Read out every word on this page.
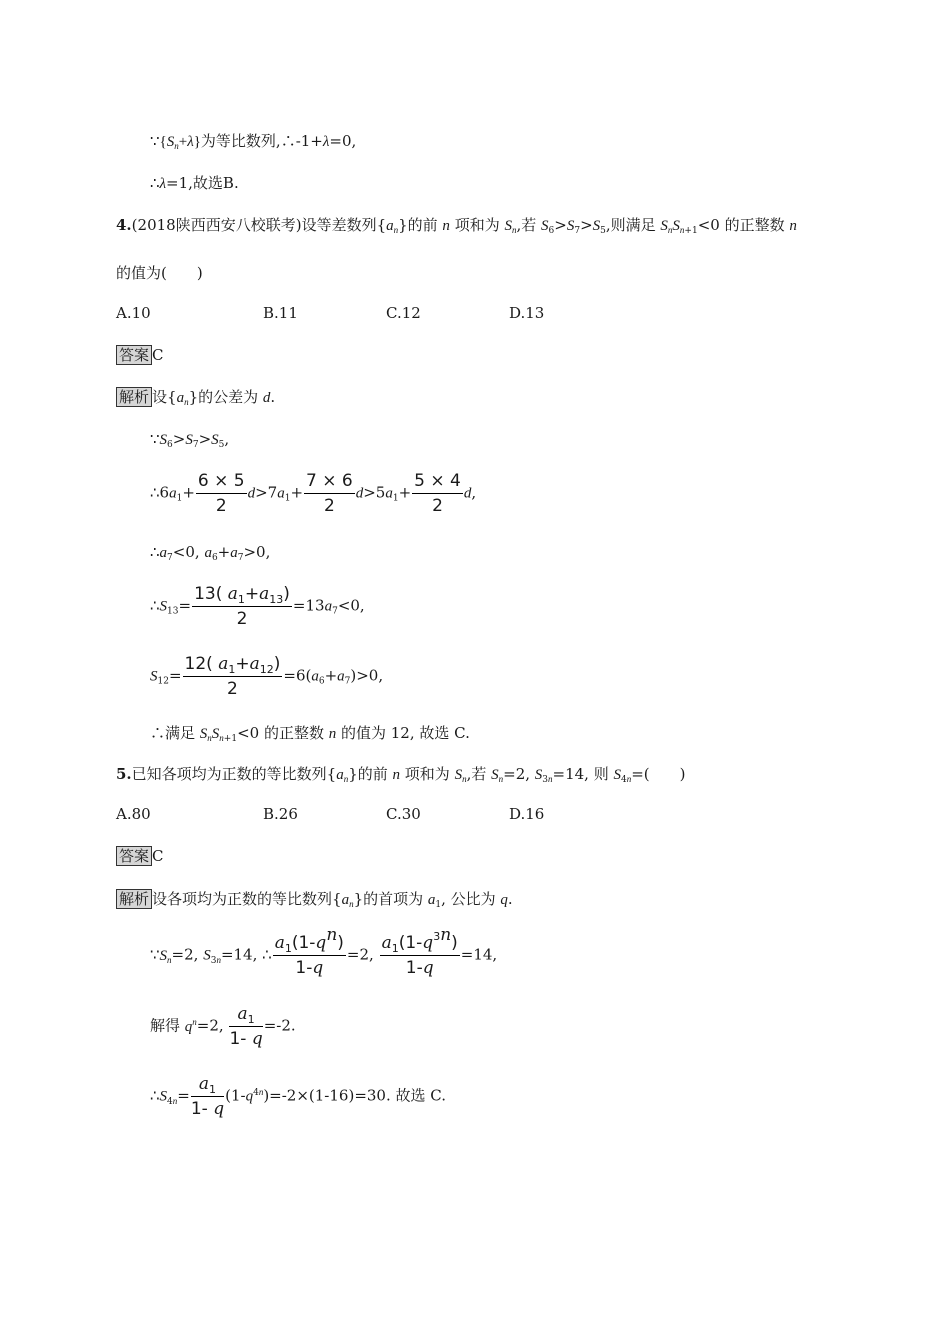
$\because\{S_n+\lambda\}$为等比数列,∴-1+λ=0,
∴λ=1,故选B.
4.(2018陕西西安八校联考)设等差数列$\{a_n\}$的前 n 项和为 $S_n$,若 $S_6>S_7>S_5$,则满足 $S_nS_{n+1}<0$ 的正整数 n
的值为(　　)
A.10	B.11	C.12	D.13
答案 C
解析 设$\{a_n\}$的公差为 d.
$\because S_6>S_7>S_5$,
$\therefore 6a_1+ \frac{6 \times 5}{2} d>7a_1+ \frac{7 \times 6}{2} d>5a_1+ \frac{5 \times 4}{2} d$,
$\therefore a_7<0$, $a_6+a_7>0$,
$\therefore S_{13}= \frac{13( a_1+a_{13})}{2} =13a_7<0$,
$S_{12}= \frac{12( a_1+a_{12})}{2} =6(a_6+a_7)>0$,
∴满足 $S_nS_{n+1}<0$ 的正整数 n 的值为 12, 故选 C.
5.已知各项均为正数的等比数列$\{a_n\}$的前 n 项和为 $S_n$,若 $S_n=2$, $S_{3n}=14$, 则 $S_{4n}=$(　　)
A.80	B.26	C.30	D.16
答案 C
解析 设各项均为正数的等比数列$\{a_n\}$的首项为 $a_1$, 公比为 q.
$\because S_n=2$, $S_{3n}=14$, ∴ $\frac{a_1(1-q^n)}{1-q} =2$, $\frac{a_1(1-q^{3n})}{1-q} =14$,
解得 $q^n=2$, $\frac{a_1}{1- q} =-2$.
$\therefore S_{4n}= \frac{a_1}{1- q} (1-q^{4n})=-2\times(1-16)=30$. 故选 C.
